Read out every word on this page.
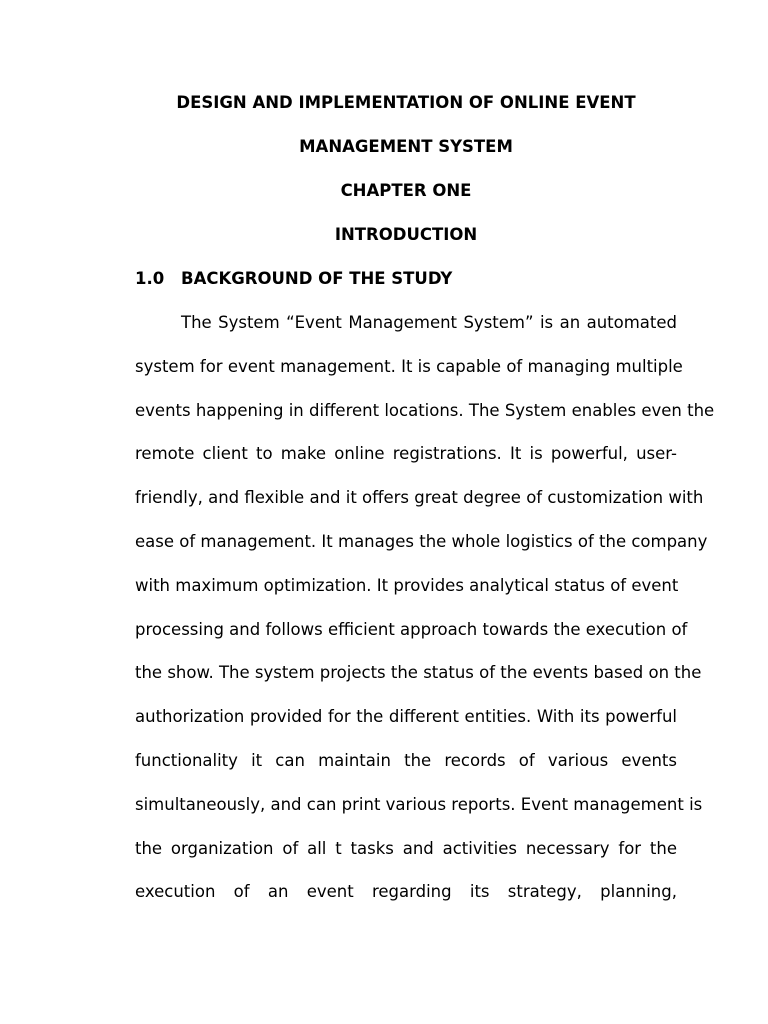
DESIGN AND IMPLEMENTATION OF ONLINE EVENT
MANAGEMENT SYSTEM
CHAPTER ONE
INTRODUCTION
1.0 BACKGROUND OF THE STUDY
The System “Event Management System” is an automated
system for event management. It is capable of managing multiple
events happening in different locations. The System enables even the
remote client to make online registrations. It is powerful, user-
friendly, and flexible and it offers great degree of customization with
ease of management. It manages the whole logistics of the company
with maximum optimization. It provides analytical status of event
processing and follows efficient approach towards the execution of
the show. The system projects the status of the events based on the
authorization provided for the different entities. With its powerful
functionality it can maintain the records of various events
simultaneously, and can print various reports. Event management is
the organization of all t tasks and activities necessary for the
execution of an event regarding its strategy, planning,
